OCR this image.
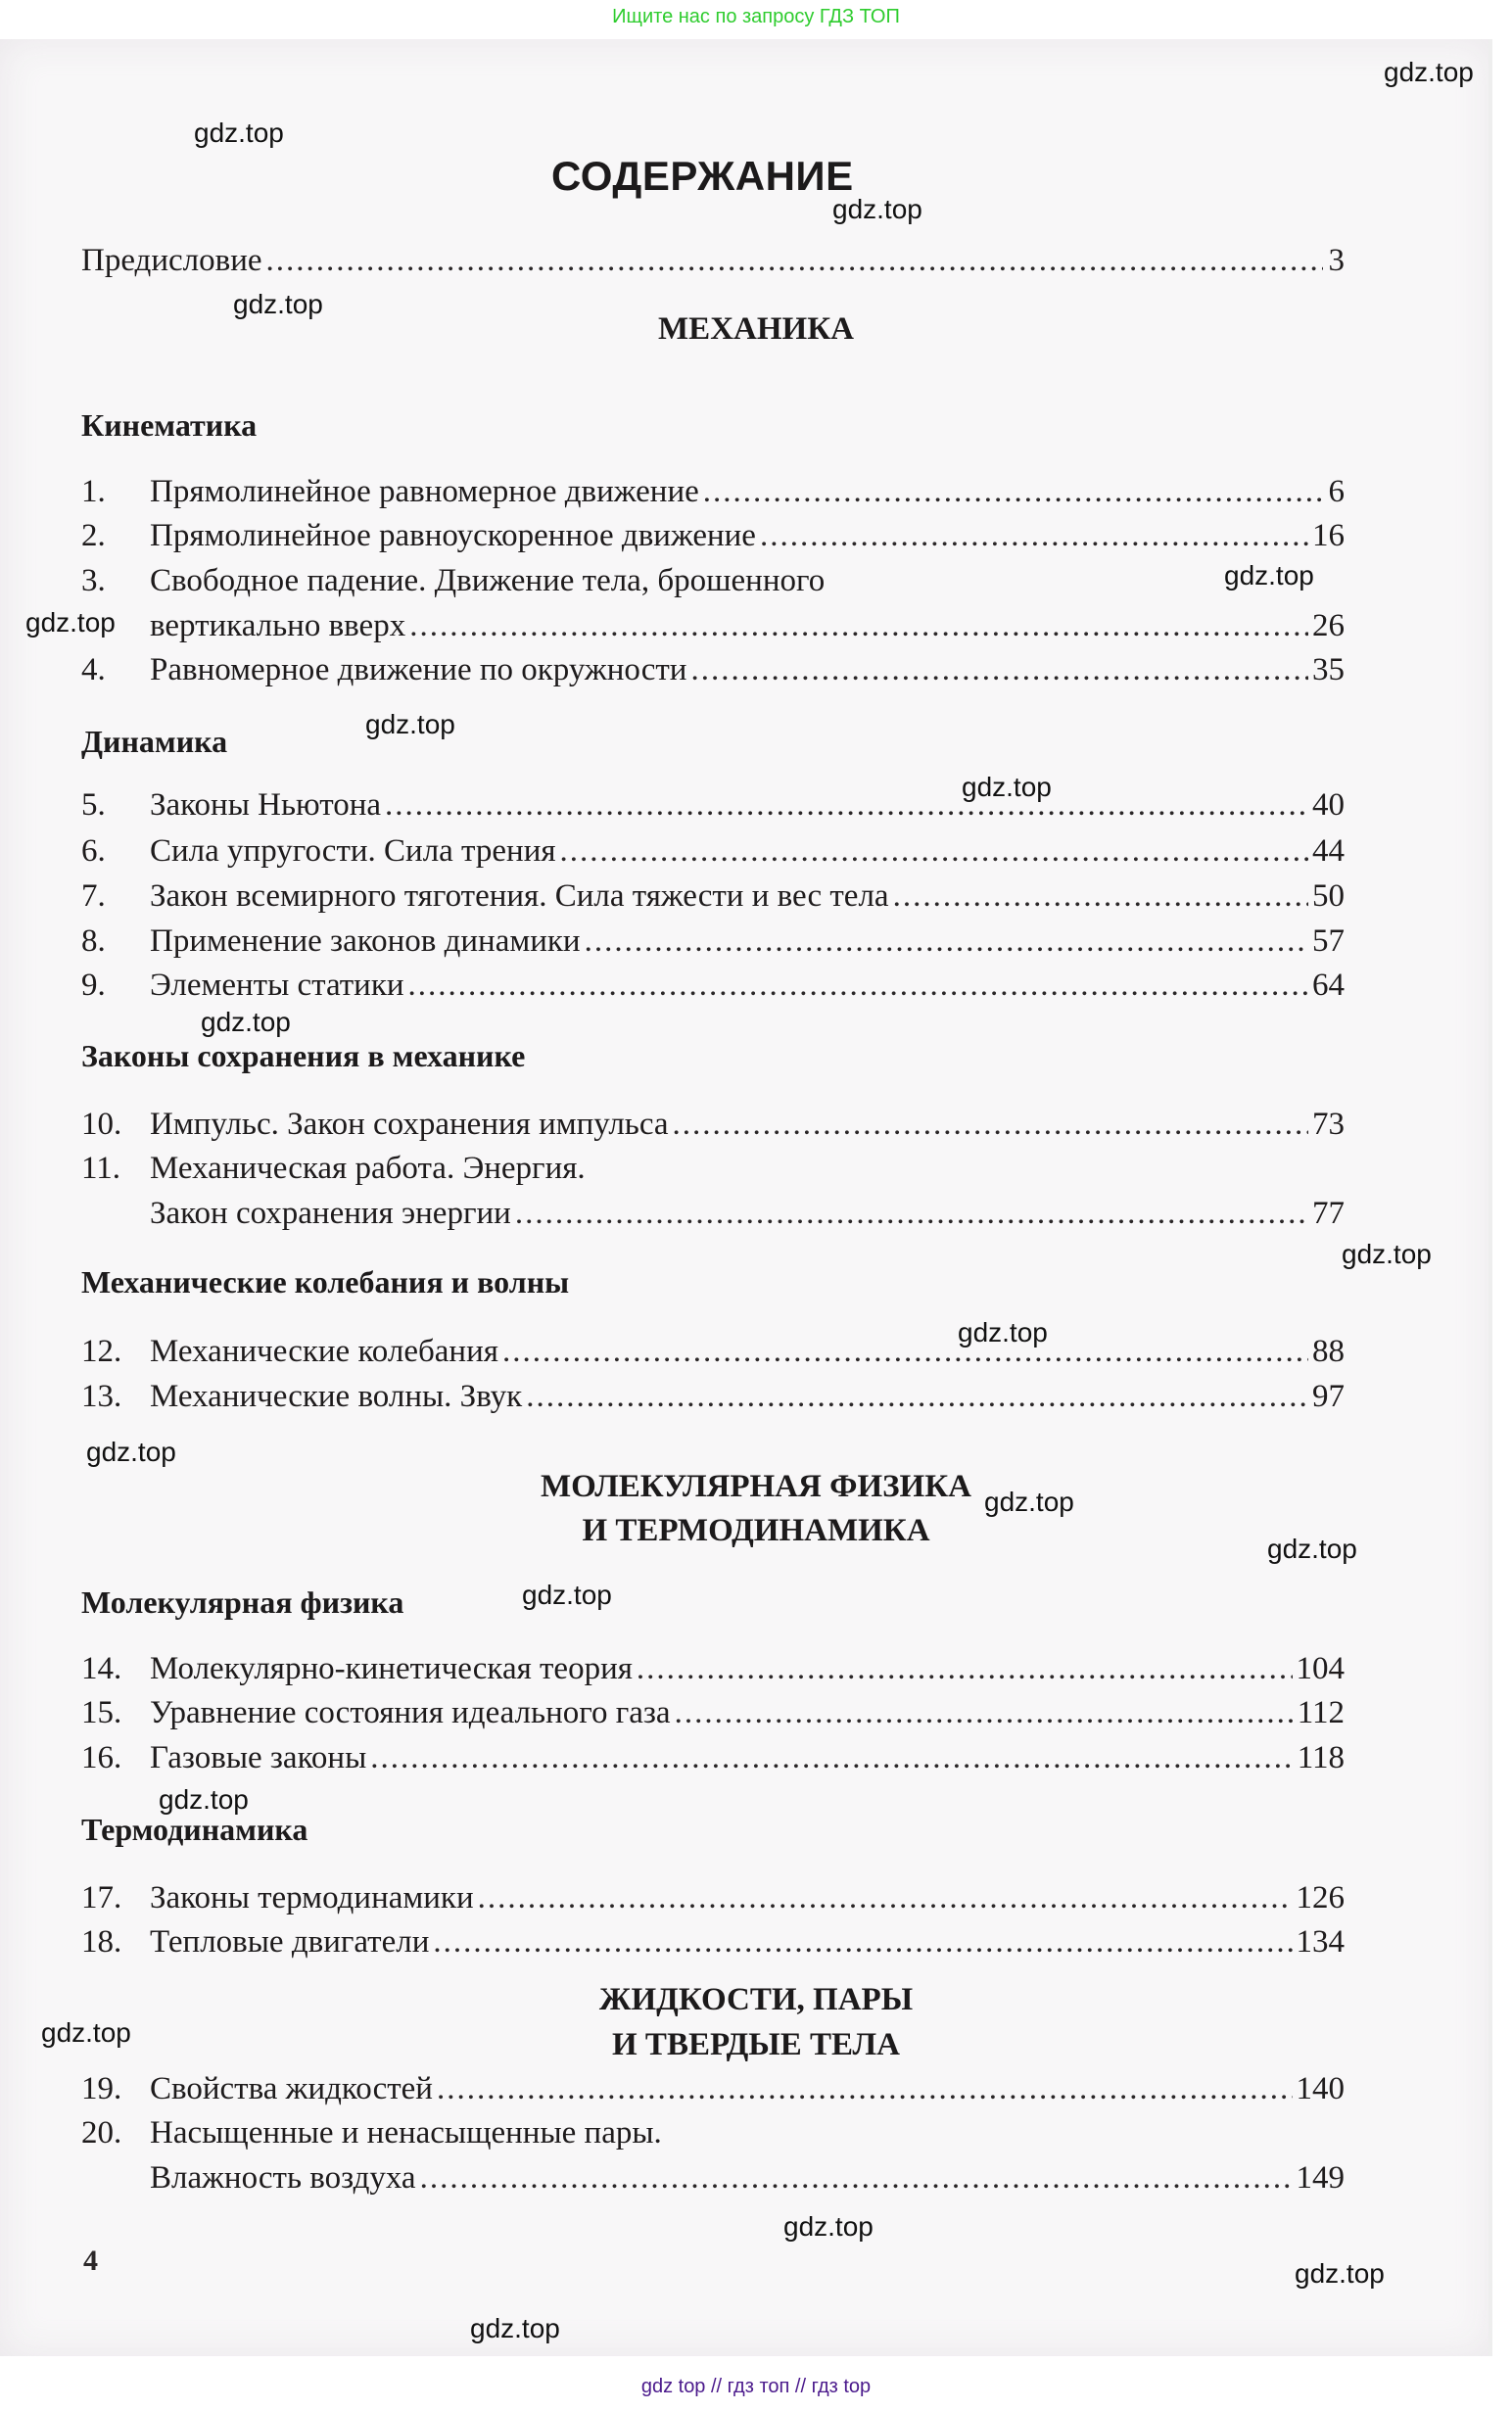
Ищите нас по запросу ГДЗ ТОП
СОДЕРЖАНИЕ
Предисловие .....	3
МЕХАНИКА
Кинематика
1.	Прямолинейное равномерное движение .....	6
2.	Прямолинейное равноускоренное движение .....	16
3.	Свободное падение. Движение тела, брошенного
вертикально вверх .....	26
4.	Равномерное движение по окружности .....	35
Динамика
5.	Законы Ньютона .....	40
6.	Сила упругости. Сила трения .....	44
7.	Закон всемирного тяготения. Сила тяжести и вес тела .....	50
8.	Применение законов динамики .....	57
9.	Элементы статики .....	64
Законы сохранения в механике
10. Импульс. Закон сохранения импульса .....	73
11. Механическая работа. Энергия.
Закон сохранения энергии .....	77
Механические колебания и волны
12. Механические колебания .....	88
13. Механические волны. Звук .....	97
МОЛЕКУЛЯРНАЯ ФИЗИКА
И ТЕРМОДИНАМИКА
Молекулярная физика
14. Молекулярно-кинетическая теория .....	104
15. Уравнение состояния идеального газа .....	112
16. Газовые законы .....	118
Термодинамика
17. Законы термодинамики .....	126
18. Тепловые двигатели .....	134
ЖИДКОСТИ, ПАРЫ
И ТВЕРДЫЕ ТЕЛА
19. Свойства жидкостей .....	140
20. Насыщенные и ненасыщенные пары.
Влажность воздуха .....	149
4
gdz.top
gdz.top
gdz.top
gdz.top
gdz.top
gdz.top
gdz.top
gdz.top
gdz.top
gdz.top
gdz.top
gdz.top
gdz.top
gdz.top
gdz.top
gdz.top
gdz.top
gdz.top
gdz.top
gdz.top
gdz top // гдз топ // гдз top
